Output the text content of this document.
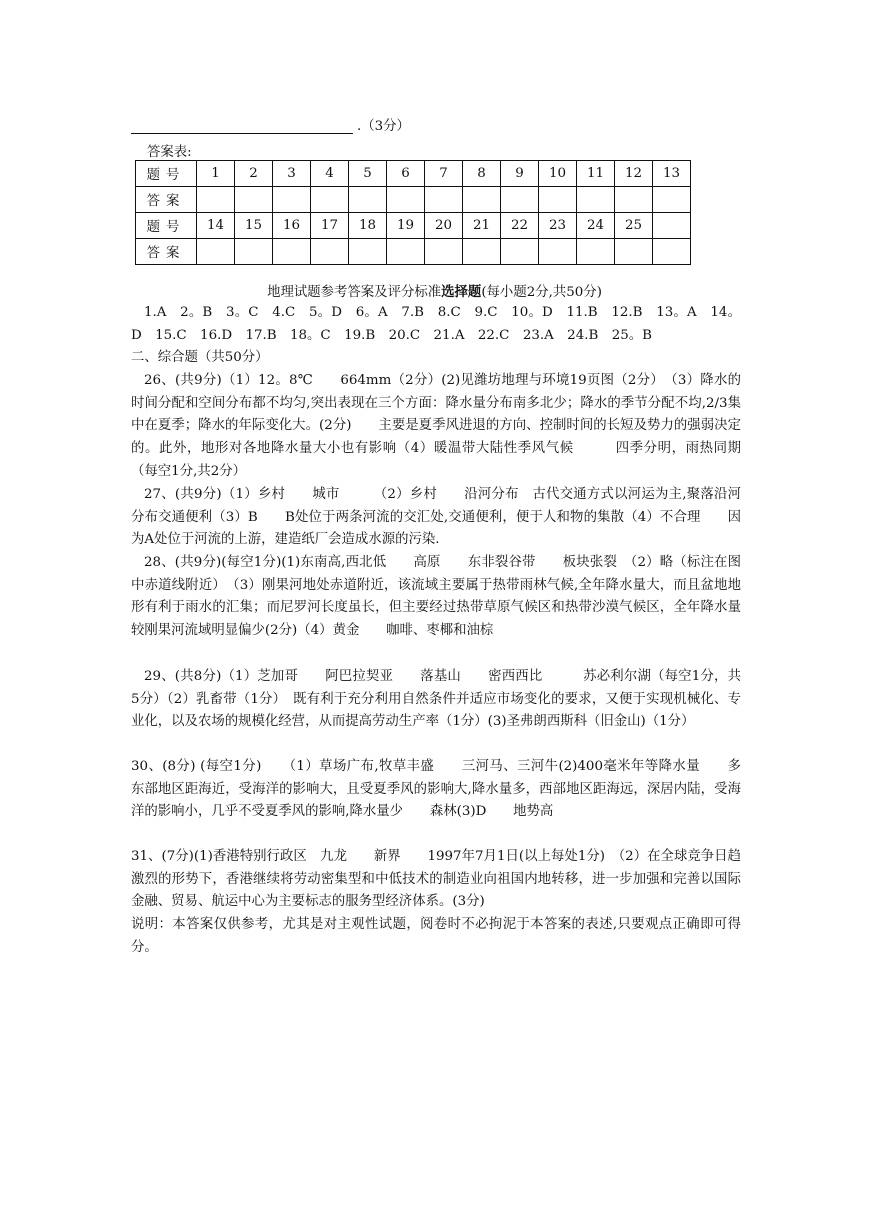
.（3分）
答案表:
题号	1	2	3	4	5	6	7	8	9	10	11	12	13
答案													
题号	14	15	16	17	18	19	20	21	22	23	24	25	
答案													
地理试题参考答案及评分标准选择题(每小题2分,共50分)
1.A　2。B　3。C　4.C　5。D　6。A　7.B　8.C　9.C　10。D　11.B　12.B　13。A　14。D　15.C　16.D　17.B　18。C　19.B　20.C　21.A　22.C　23.A　24.B　25。B
二、综合题（共50分）
26、(共9分)（1）12。8℃　　664mm（2分）(2)见潍坊地理与环境19页图（2分）　（3）降水的时间分配和空间分布都不均匀,突出表现在三个方面：降水量分布南多北少；降水的季节分配不均,2/3集中在夏季；降水的年际变化大。(2分)　　主要是夏季风进退的方向、控制时间的长短及势力的强弱决定的。此外，地形对各地降水量大小也有影响（4）暖温带大陆性季风气候　　　四季分明，雨热同期（每空1分,共2分）
27、(共9分)（1）乡村　　城市　　　（2）乡村　　沿河分布　古代交通方式以河运为主,聚落沿河分布交通便利（3）B　　B处位于两条河流的交汇处,交通便利，便于人和物的集散（4）不合理　　因为A处位于河流的上游，建造纸厂会造成水源的污染.
28、(共9分)(每空1分)(1)东南高,西北低　　高原　　东非裂谷带　　板块张裂　（2）略（标注在图中赤道线附近）　（3）刚果河地处赤道附近，该流域主要属于热带雨林气候,全年降水量大，而且盆地地形有利于雨水的汇集；而尼罗河长度虽长，但主要经过热带草原气候区和热带沙漠气候区，全年降水量较刚果河流域明显偏少(2分)（4）黄金　　咖啡、枣椰和油棕
29、(共8分)（1）芝加哥　　阿巴拉契亚　　落基山　　密西西比　　　苏必利尔湖（每空1分，共5分）（2）乳畜带（1分）　既有利于充分利用自然条件并适应市场变化的要求，又便于实现机械化、专业化，以及农场的规模化经营，从而提高劳动生产率（1分）(3)圣弗朗西斯科（旧金山)（1分）
30、(8分) (每空1分)　　（1）草场广布,牧草丰盛　　三河马、三河牛(2)400毫米年等降水量　　多　　东部地区距海近，受海洋的影响大，且受夏季风的影响大,降水量多，西部地区距海远，深居内陆，受海洋的影响小，几乎不受夏季风的影响,降水量少　　森林(3)D　　地势高
31、(7分)(1)香港特别行政区　九龙　　新界　　1997年7月1日(以上每处1分)　（2）在全球竞争日趋激烈的形势下，香港继续将劳动密集型和中低技术的制造业向祖国内地转移，进一步加强和完善以国际金融、贸易、航运中心为主要标志的服务型经济体系。(3分)
说明：本答案仅供参考，尤其是对主观性试题，阅卷时不必拘泥于本答案的表述,只要观点正确即可得分。
